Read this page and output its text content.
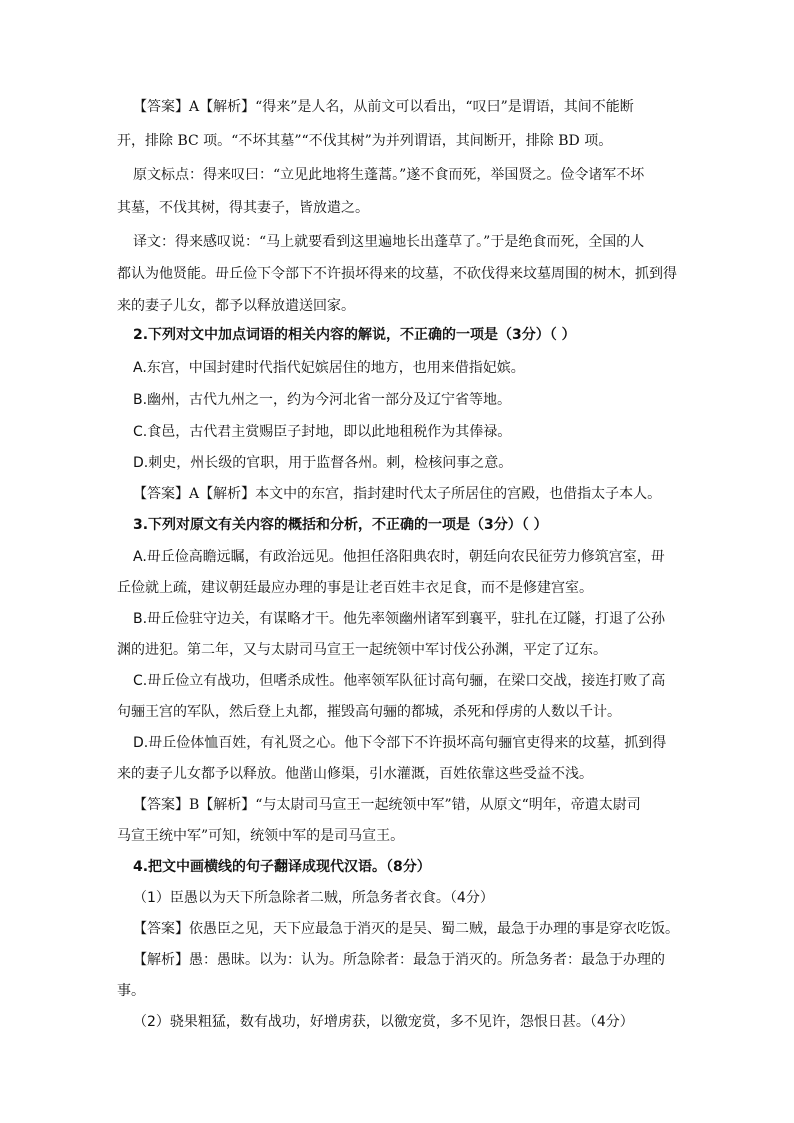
【答案】A【解析】“得来”是人名，从前文可以看出，“叹曰”是谓语，其间不能断
开，排除 BC 项。“不坏其墓”“不伐其树”为并列谓语，其间断开，排除 BD 项。
原文标点：得来叹曰：“立见此地将生蓬蒿。”遂不食而死，举国贤之。俭令诸军不坏
其墓，不伐其树，得其妻子，皆放遣之。
译文：得来感叹说：“马上就要看到这里遍地长出蓬草了。”于是绝食而死，全国的人
都认为他贤能。毌丘俭下令部下不许损坏得来的坟墓，不砍伐得来坟墓周围的树木，抓到得
来的妻子儿女，都予以释放遣送回家。
2.下列对文中加点词语的相关内容的解说，不正确的一项是（3分）（ ）
A.东宫，中国封建时代指代妃嫔居住的地方，也用来借指妃嫔。
B.幽州，古代九州之一，约为今河北省一部分及辽宁省等地。
C.食邑，古代君主赏赐臣子封地，即以此地租税作为其俸禄。
D.刺史，州长级的官职，用于监督各州。刺，检核问事之意。
【答案】A【解析】本文中的东宫，指封建时代太子所居住的宫殿，也借指太子本人。
3.下列对原文有关内容的概括和分析，不正确的一项是（3分）（ ）
A.毌丘俭高瞻远瞩，有政治远见。他担任洛阳典农时，朝廷向农民征劳力修筑宫室，毌
丘俭就上疏，建议朝廷最应办理的事是让老百姓丰衣足食，而不是修建宫室。
B.毌丘俭驻守边关，有谋略才干。他先率领幽州诸军到襄平，驻扎在辽隧，打退了公孙
渊的进犯。第二年，又与太尉司马宣王一起统领中军讨伐公孙渊，平定了辽东。
C.毌丘俭立有战功，但嗜杀成性。他率领军队征讨高句骊，在梁口交战，接连打败了高
句骊王宫的军队，然后登上丸都，摧毁高句骊的都城，杀死和俘虏的人数以千计。
D.毌丘俭体恤百姓，有礼贤之心。他下令部下不许损坏高句骊官吏得来的坟墓，抓到得
来的妻子儿女都予以释放。他凿山修渠，引水灌溉，百姓依靠这些受益不浅。
【答案】B【解析】“与太尉司马宣王一起统领中军”错，从原文“明年，帝遣太尉司
马宣王统中军”可知，统领中军的是司马宣王。
4.把文中画横线的句子翻译成现代汉语。（8分）
（1）臣愚以为天下所急除者二贼，所急务者衣食。（4分）
【答案】依愚臣之见，天下应最急于消灭的是吴、蜀二贼，最急于办理的事是穿衣吃饭。
【解析】愚：愚昧。以为：认为。所急除者：最急于消灭的。所急务者：最急于办理的
事。
（2）骁果粗猛，数有战功，好增虏获，以徼宠赏，多不见许，怨恨日甚。（4分）
